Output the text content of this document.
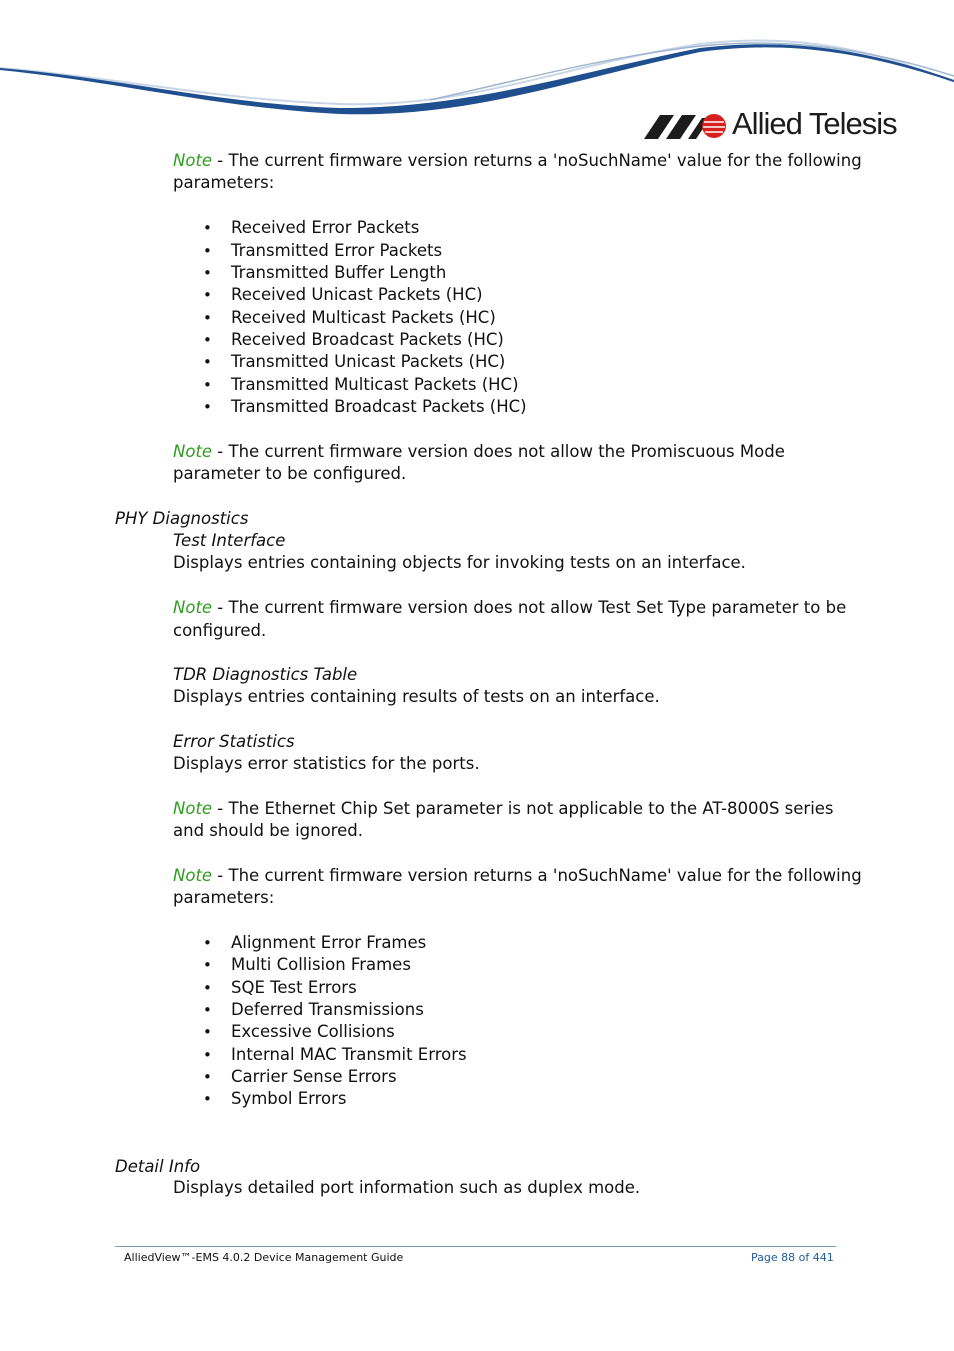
Allied Telesis
Note - The current firmware version returns a 'noSuchName' value for the following
parameters:
• Received Error Packets
• Transmitted Error Packets
• Transmitted Buffer Length
• Received Unicast Packets (HC)
• Received Multicast Packets (HC)
• Received Broadcast Packets (HC)
• Transmitted Unicast Packets (HC)
• Transmitted Multicast Packets (HC)
• Transmitted Broadcast Packets (HC)
Note - The current firmware version does not allow the Promiscuous Mode
parameter to be configured.
PHY Diagnostics
Test Interface
Displays entries containing objects for invoking tests on an interface.
Note - The current firmware version does not allow Test Set Type parameter to be
configured.
TDR Diagnostics Table
Displays entries containing results of tests on an interface.
Error Statistics
Displays error statistics for the ports.
Note - The Ethernet Chip Set parameter is not applicable to the AT-8000S series
and should be ignored.
Note - The current firmware version returns a 'noSuchName' value for the following
parameters:
• Alignment Error Frames
• Multi Collision Frames
• SQE Test Errors
• Deferred Transmissions
• Excessive Collisions
• Internal MAC Transmit Errors
• Carrier Sense Errors
• Symbol Errors
Detail Info
Displays detailed port information such as duplex mode.
AlliedView™-EMS 4.0.2 Device Management Guide	Page 88 of 441
